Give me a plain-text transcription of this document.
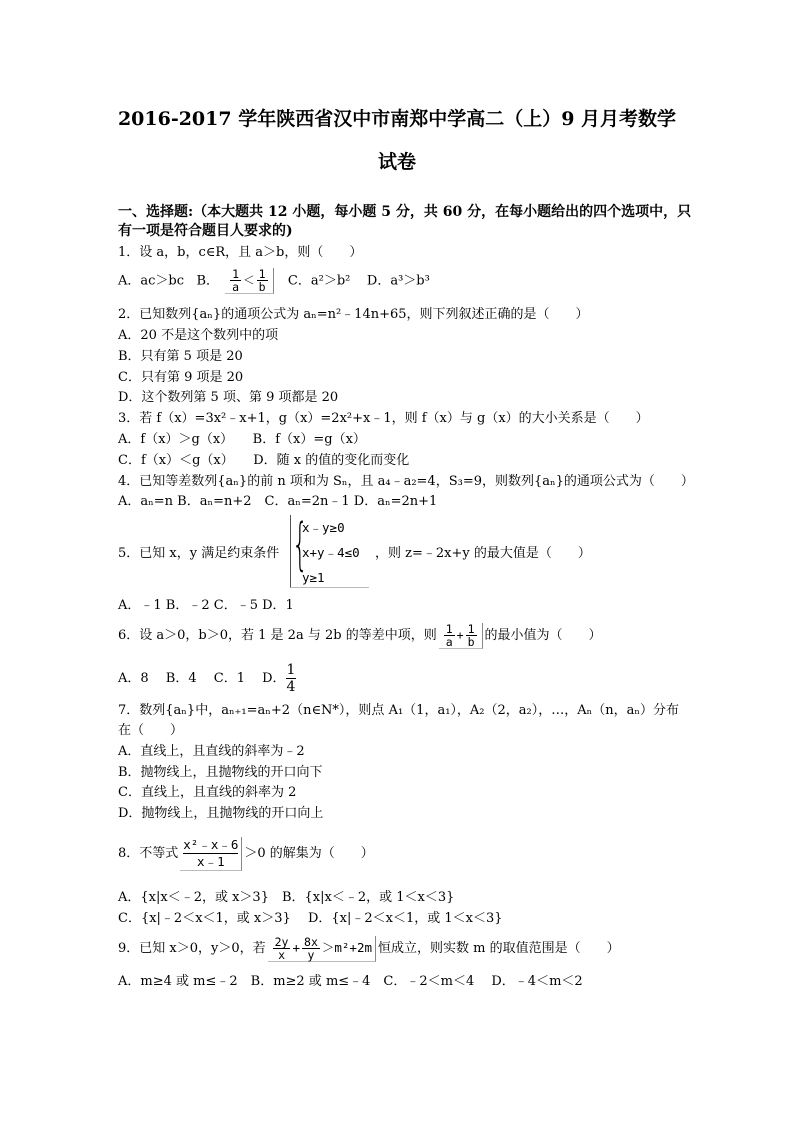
2016-2017 学年陕西省汉中市南郑中学高二（上）9 月月考数学
试卷
一、选择题:（本大题共 12 小题，每小题 5 分，共 60 分，在每小题给出的四个选项中，只
有一项是符合题目人要求的)
1．设 a，b，c∈R，且 a＞b，则（　　）
A．ac＞bc B． $\frac{1}{a} < \frac{1}{b}$ C．a²＞b² D．a³＞b³
2．已知数列{aₙ}的通项公式为 aₙ=n²﹣14n+65，则下列叙述正确的是（　　）
A．20 不是这个数列中的项
B．只有第 5 项是 20
C．只有第 9 项是 20
D．这个数列第 5 项、第 9 项都是 20
3．若 f（x）=3x²﹣x+1，g（x）=2x²+x﹣1，则 f（x）与 g（x）的大小关系是（　　）
A．f（x）＞g（x）　　B．f（x）=g（x）
C．f（x）＜g（x）　　D．随 x 的值的变化而变化
4．已知等差数列{aₙ}的前 n 项和为 Sₙ，且 a₄﹣a₂=4，S₃=9，则数列{aₙ}的通项公式为（　　）
A．aₙ=n B．aₙ=n+2　C．aₙ=2n﹣1 D．aₙ=2n+1
{
x﹣y≥0
x+y﹣4≤0
y≥1
5．已知 x，y 满足约束条件	，则 z=﹣2x+y 的最大值是（　　）
A．﹣1 B．﹣2 C．﹣5 D．1
6．设 a＞0，b＞0，若 1 是 2a 与 2b 的等差中项，则 $\frac{1}{a} + \frac{1}{b}$ 的最小值为（　　）
A．8　 B．4　 C．1　 D． $\frac{1}{4}$
7．数列{aₙ}中，aₙ₊₁=aₙ+2（n∈N*），则点 A₁（1，a₁），A₂（2，a₂），…，Aₙ（n，aₙ）分布
在（　　）
A．直线上，且直线的斜率为﹣2
B．抛物线上，且抛物线的开口向下
C．直线上，且直线的斜率为 2
D．抛物线上，且抛物线的开口向上
8．不等式 $\frac{\text{x²﹣x﹣6}}{x﹣1} >0$ 的解集为（　　）
A．{x|x＜﹣2，或 x＞3}　B．{x|x＜﹣2，或 1＜x＜3}
C．{x|﹣2＜x＜1，或 x＞3}　 D．{x|﹣2＜x＜1，或 1＜x＜3}
9．已知 x＞0，y＞0，若 $\frac{2y}{x} + \frac{8x}{y} >m^2+2m$ 恒成立，则实数 m 的取值范围是（　　）
A．m≥4 或 m≤﹣2　B．m≥2 或 m≤﹣4　C．﹣2＜m＜4　 D．﹣4＜m＜2
